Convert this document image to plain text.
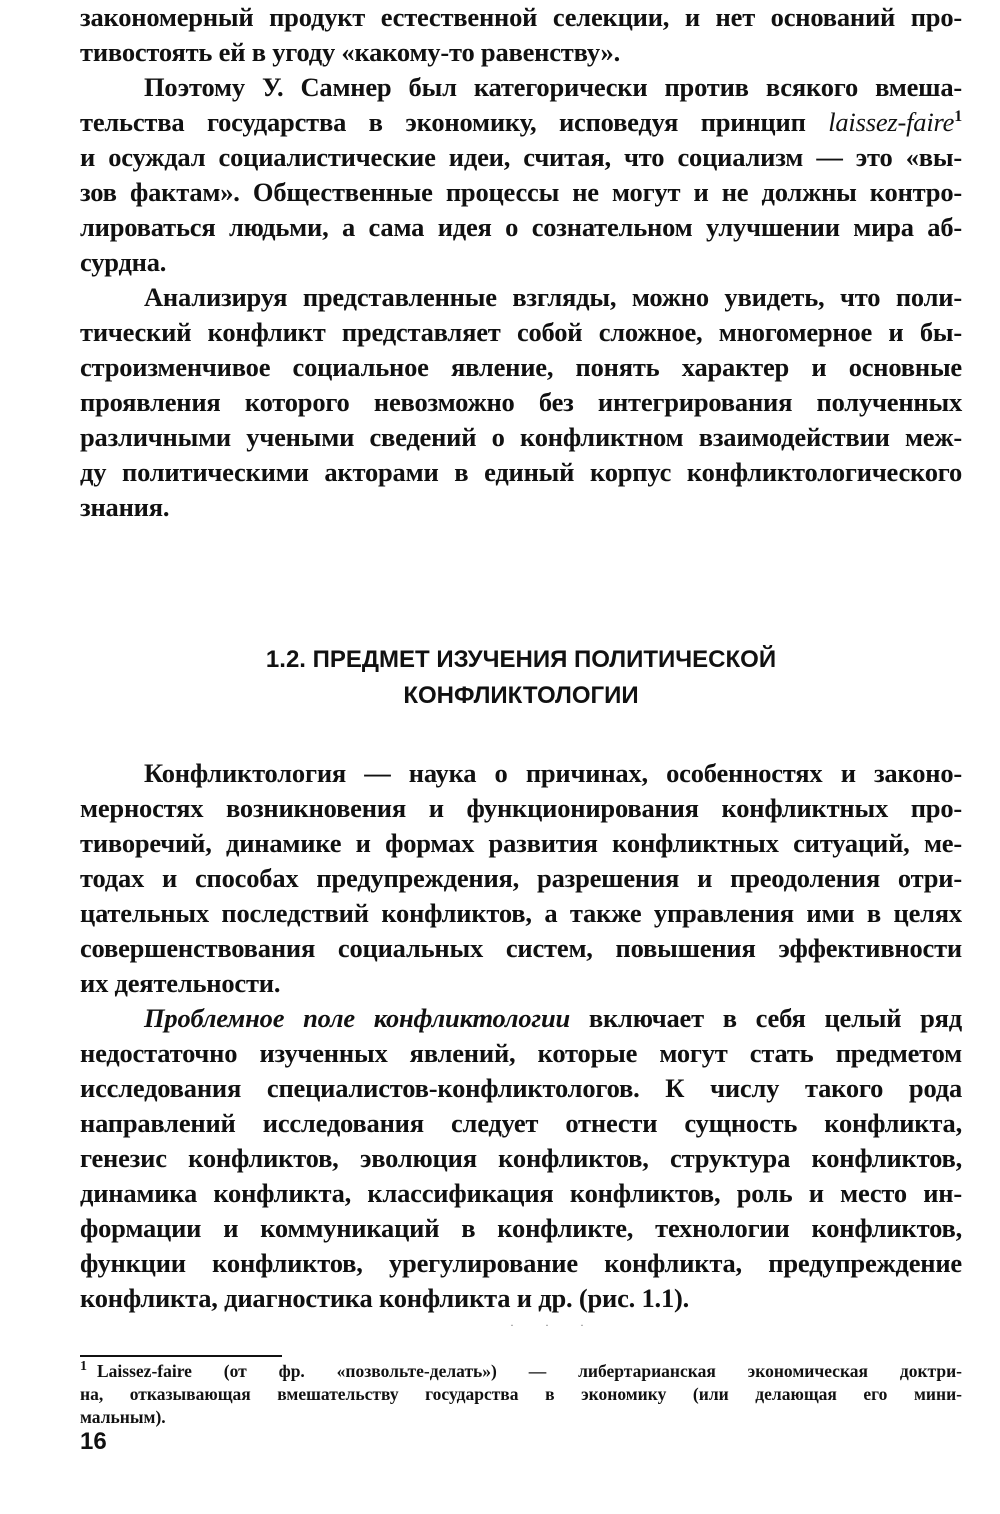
закономерный продукт естественной селекции, и нет оснований про-
тивостоять ей в угоду «какому-то равенству».

Поэтому У. Самнер был категорически против всякого вмеша-
тельства государства в экономику, исповедуя принцип laissez-faire$^1$
и осуждал социалистические идеи, считая, что социализм — это «вы-
зов фактам». Общественные процессы не могут и не должны контро-
лироваться людьми, а сама идея о сознательном улучшении мира аб-
сурдна.

Анализируя представленные взгляды, можно увидеть, что поли-
тический конфликт представляет собой сложное, многомерное и бы-
строизменчивое социальное явление, понять характер и основные
проявления которого невозможно без интегрирования полученных
различными учеными сведений о конфликтном взаимодействии меж-
ду политическими акторами в единый корпус конфликтологического
знания.

1.2. ПРЕДМЕТ ИЗУЧЕНИЯ ПОЛИТИЧЕСКОЙ
КОНФЛИКТОЛОГИИ

Конфликтология — наука о причинах, особенностях и законо-
мерностях возникновения и функционирования конфликтных про-
тиворечий, динамике и формах развития конфликтных ситуаций, ме-
тодах и способах предупреждения, разрешения и преодоления отри-
цательных последствий конфликтов, а также управления ими в целях
совершенствования социальных систем, повышения эффективности
их деятельности.

Проблемное поле конфликтологии включает в себя целый ряд
недостаточно изученных явлений, которые могут стать предметом
исследования специалистов-конфликтологов. К числу такого рода
направлений исследования следует отнести сущность конфликта,
генезис конфликтов, эволюция конфликтов, структура конфликтов,
динамика конфликта, классификация конфликтов, роль и место ин-
формации и коммуникаций в конфликте, технологии конфликтов,
функции конфликтов, урегулирование конфликта, предупреждение
конфликта, диагностика конфликта и др. (рис. 1.1).

· · ·
$^1$ Laissez-faire (от фр. «позвольте-делать») — либертарианская экономическая доктри-
на, отказывающая вмешательству государства в экономику (или делающая его мини-
мальным).
16
